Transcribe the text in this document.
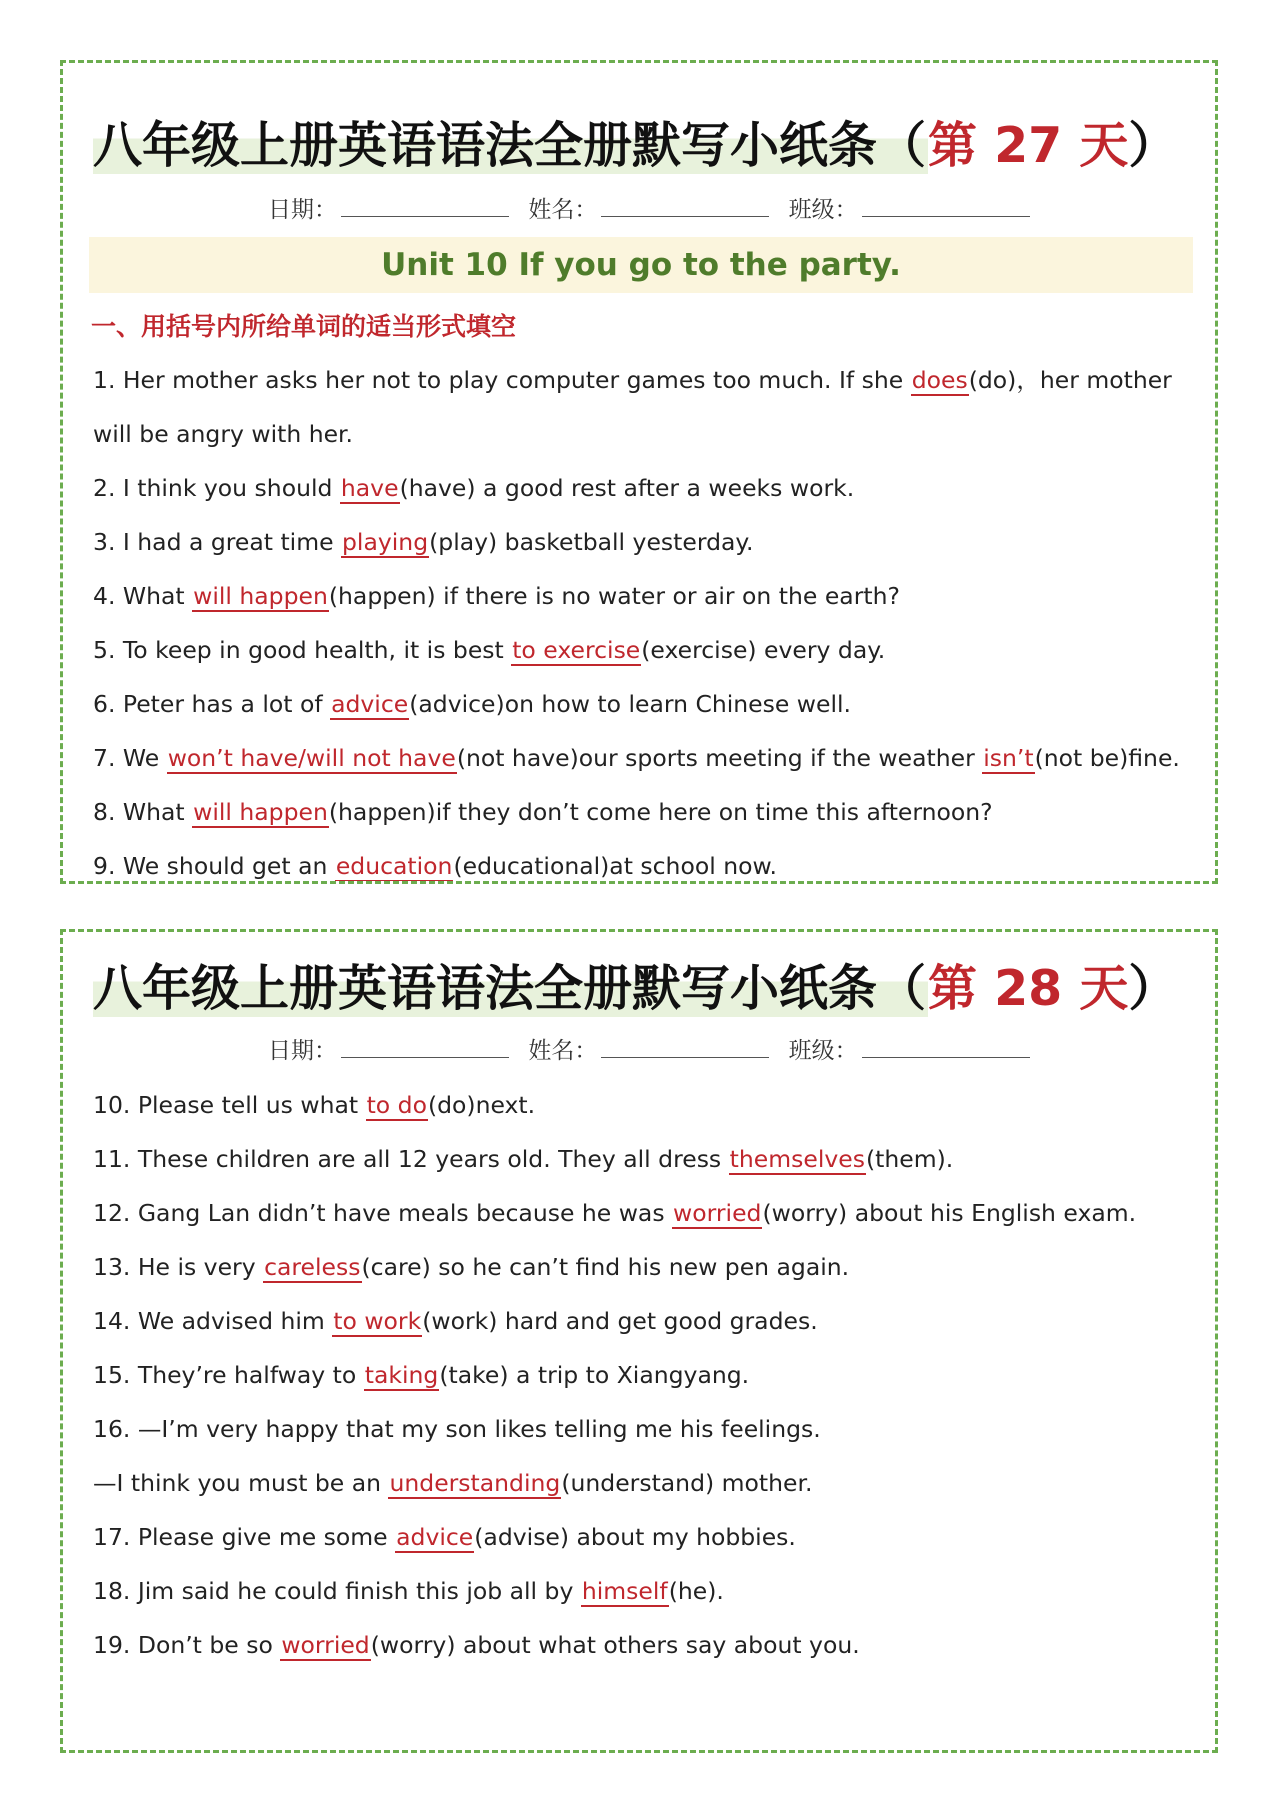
八年级上册英语语法全册默写小纸条（第 27 天）
日期：	姓名：	班级：
Unit 10 If you go to the party.
一、用括号内所给单词的适当形式填空
1. Her mother asks her not to play computer games too much. If she does(do)，her mother
will be angry with her.
2. I think you should have(have) a good rest after a weeks work.
3. I had a great time playing(play) basketball yesterday.
4. What will happen(happen) if there is no water or air on the earth?
5. To keep in good health, it is best to exercise(exercise) every day.
6. Peter has a lot of advice(advice)on how to learn Chinese well.
7. We won’t have/will not have(not have)our sports meeting if the weather isn’t(not be)fine.
8. What will happen(happen)if they don’t come here on time this afternoon?
9. We should get an education(educational)at school now.
八年级上册英语语法全册默写小纸条（第 28 天）
日期：	姓名：	班级：
10. Please tell us what to do(do)next.
11. These children are all 12 years old. They all dress themselves(them).
12. Gang Lan didn’t have meals because he was worried(worry) about his English exam.
13. He is very careless(care) so he can’t find his new pen again.
14. We advised him to work(work) hard and get good grades.
15. They’re halfway to taking(take) a trip to Xiangyang.
16. —I’m very happy that my son likes telling me his feelings.
—I think you must be an understanding(understand) mother.
17. Please give me some advice(advise) about my hobbies.
18. Jim said he could finish this job all by himself(he).
19. Don’t be so worried(worry) about what others say about you.
